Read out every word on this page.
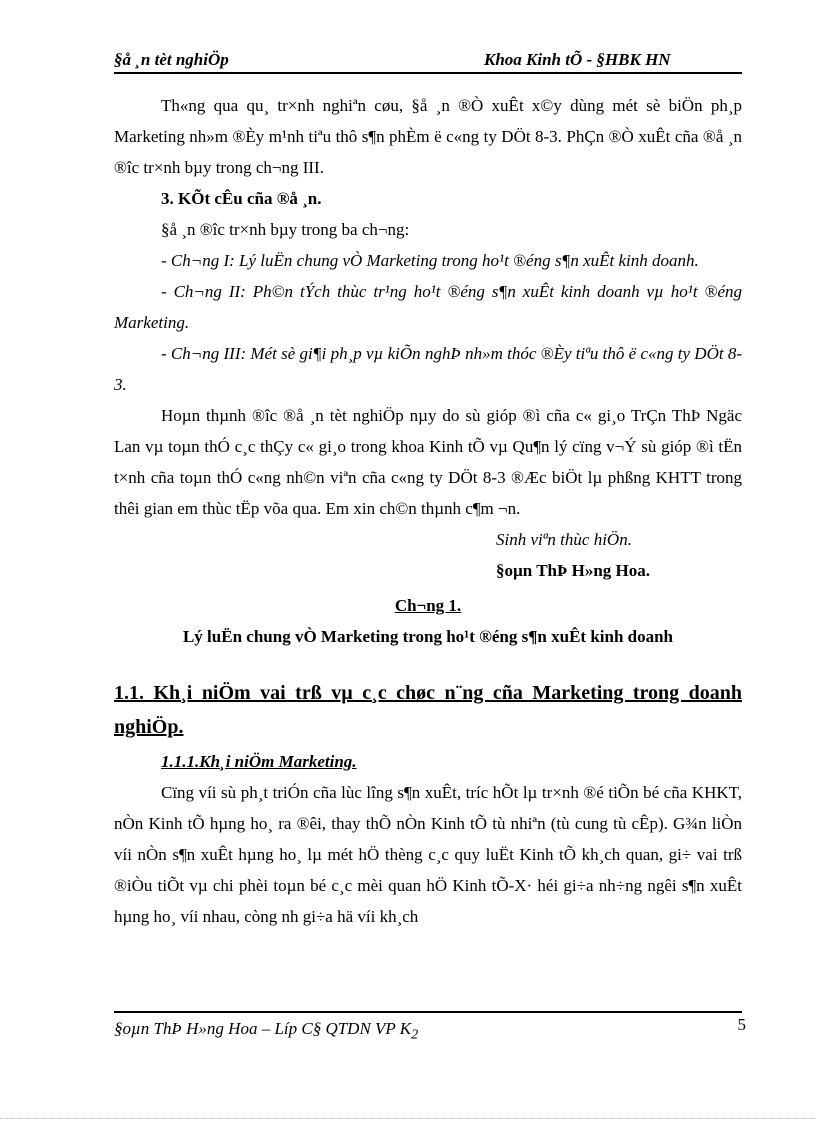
§å ¸n tèt nghiÖp	Khoa Kinh tÕ - §HBK HN

Th«ng qua qu¸ tr×nh nghiªn cøu, §å ¸n ®Ò xuÊt x©y dùng mét sè biÖn ph¸p Marketing nh»m ®Èy m¹nh tiªu thô s¶n phÈm ë c«ng ty DÖt 8-3. PhÇn ®Ò xuÊt cña ®å ¸n ®îc tr×nh bµy trong ch¬ng III.

3. KÕt cÊu cña ®å ¸n.

§å ¸n ®îc tr×nh bµy trong ba ch¬ng:

- Ch¬ng I: Lý luËn chung vÒ Marketing trong ho¹t ®éng s¶n xuÊt kinh doanh.

- Ch¬ng II: Ph©n tÝch thùc tr¹ng ho¹t ®éng s¶n xuÊt kinh doanh vµ ho¹t ®éng Marketing.

- Ch¬ng III: Mét sè gi¶i ph¸p vµ kiÕn nghÞ nh»m thóc ®Èy tiªu thô ë c«ng ty DÖt 8-3.

Hoµn thµnh ®îc ®å ¸n tèt nghiÖp nµy do sù gióp ®ì cña c« gi¸o TrÇn ThÞ Ngäc Lan vµ toµn thÓ c¸c thÇy c« gi¸o trong khoa Kinh tÕ vµ Qu¶n lý cïng v¬Ý sù gióp ®ì tËn t×nh cña toµn thÓ c«ng nh©n viªn cña c«ng ty DÖt 8-3 ®Æc biÖt lµ phßng KHTT trong thêi gian em thùc tËp võa qua. Em xin ch©n thµnh c¶m ¬n.

Sinh viªn thùc hiÖn.

§oµn ThÞ H»ng Hoa.

Ch¬ng 1.

Lý luËn chung vÒ Marketing trong ho¹t ®éng s¶n xuÊt kinh doanh

1.1. Kh¸i niÖm vai trß vµ c¸c chøc n¨ng cña Marketing trong doanh nghiÖp.

1.1.1.Kh¸i niÖm Marketing.

Cïng víi sù ph¸t triÓn cña lùc lîng s¶n xuÊt, tríc hÕt lµ tr×nh ®é tiÕn bé cña KHKT, nÒn Kinh tÕ hµng ho¸ ra ®êi, thay thÕ nÒn Kinh tÕ tù nhiªn (tù cung tù cÊp). G¾n liÒn víi nÒn s¶n xuÊt hµng ho¸ lµ mét hÖ thèng c¸c quy luËt Kinh tÕ kh¸ch quan, gi÷ vai trß ®iÒu tiÕt vµ chi phèi toµn bé c¸c mèi quan hÖ Kinh tÕ-X· héi gi÷a nh÷ng ngêi s¶n xuÊt hµng ho¸ víi nhau, còng nh gi÷a hä víi kh¸ch

§oµn ThÞ H»ng Hoa – Líp C§ QTDN VP $K_2$
5
